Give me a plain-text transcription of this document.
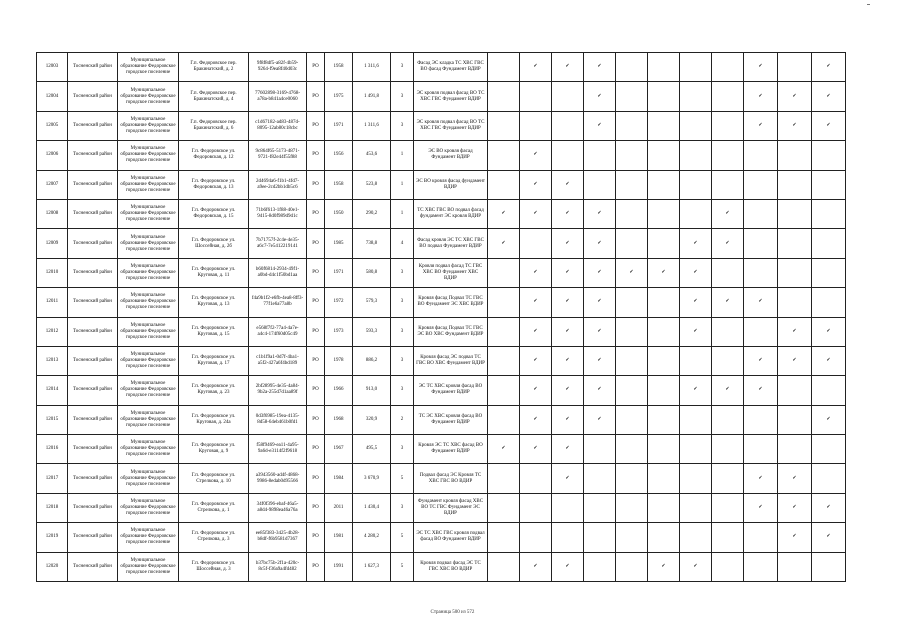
12003	Тосненский район	Муниципальное образование Федоровское городское поселение	Г.п. Федоровское пер. Бракинатский, д. 2	9f8f8df5-a82f-4b59-9264-f9ea8f40d03c	РО	1958	1 311,6	3	Фасад ЭС кладка ТС ХВС ГВС ВО фасад Фундамент ВДИР		✓	✓	✓					✓		✓
12004	Тосненский район	Муниципальное образование Федоровское городское поселение	Г.п. Федоровское пер. Бракинатский, д. 4	77602898-3169-4768-a78a-b841a4ce0060	РО	1975	1 491,8	3	ЭС кровля подвал фасад ВО ТС ХВС ГВС Фундамент ВДИР				✓					✓	✓	✓
12005	Тосненский район	Муниципальное образование Федоровское городское поселение	Г.п. Федоровское пер. Бракинатский, д. 6	c1d67182-ad83-487d-8095-12ab80c18cbc	РО	1971	1 311,6	3	ЭС кровля подвал фасад ВО ТС ХВС ГВС Фундамент ВДИР				✓					✓	✓	✓
12006	Тосненский район	Муниципальное образование Федоровское городское поселение	Г.п. Федоровское ул. Федоровская, д. 12	9c864f65-5173-4871-9721-f82e44f55f88	РО	1956	453,6	1	ЭС ВО кровля фасад Фундамент ВДИР		✓									
12007	Тосненский район	Муниципальное образование Федоровское городское поселение	Г.п. Федоровское ул. Федоровская, д. 13	2d4694a6-f1b1-4fd7-a9ee-2cd2bb1db5c6	РО	1958	523,8	1	ЭС ВО кровля фасад фундамент ВДИР		✓	✓								
12008	Тосненский район	Муниципальное образование Федоровское городское поселение	Г.п. Федоровское ул. Федоровская, д. 15	71b6f613-1f88-40e1-9415-8d0f989d9d1c	РО	1950	290,2	1	ТС ХВС ГВС ВО подвал фасад фундамент ЭС кровля ВДИР	✓	✓	✓	✓				✓			
12009	Тосненский район	Муниципальное образование Федоровское городское поселение	Г.п. Федоровское ул. Шоссейная, д. 2б	7b71757f-2c4e-4e35-a6c7-7e5412219141	РО	1985	738,8	4	Фасад кровля ЭС ТС ХВС ГВС ВО подвал Фундамент ВДИР	✓		✓	✓			✓	✓			
12010	Тосненский район	Муниципальное образование Федоровское городское поселение	Г.п. Федоровское ул. Круговая, д. 11	b60f6814-2934-49f1-a0bd-d4c1f50bd1aa	РО	1971	580,8	3	Кровля подвал фасад ТС ГВС ХВС ВО Фундамент ХВС ВДИР		✓	✓	✓	✓	✓	✓				
12011	Тосненский район	Муниципальное образование Федоровское городское поселение	Г.п. Федоровское ул. Круговая, д. 13	f4a9b1f2-e6fb-4ea8-8ff3-77f1e6a77a8b	РО	1972	579,3	3	Кровля фасад Подвал ТС ГВС ВО Фундамент ЭС ХВС ВДИР		✓	✓	✓			✓	✓	✓		
12012	Тосненский район	Муниципальное образование Федоровское городское поселение	Г.п. Федоровское ул. Круговая, д. 15	e568f7f2-77a4-4a7e-a4c4-174f60d05c49	РО	1973	593,3	3	Кровля фасад Подвал ТС ГВС ЭС ВО ХВС Фундамент ВДИР		✓	✓	✓			✓			✓	✓
12013	Тосненский район	Муниципальное образование Федоровское городское поселение	Г.п. Федоровское ул. Круговая, д. 17	c1b1f9a1-0d7f-4ba1-a5f2-427a6f4bd189	РО	1978	886,2	3	Кровля фасад ЭС подвал ТС ГВС ВО ХВС Фундамент ВДИР		✓	✓	✓					✓	✓	✓
12014	Тосненский район	Муниципальное образование Федоровское городское поселение	Г.п. Федоровское ул. Круговая, д. 23	2bf28995-4e35-4a84-9b2a-255d7d1aa89f	РО	1966	913,0	3	ЭС ТС ХВС кровля фасад ВО Фундамент ВДИР		✓	✓	✓			✓	✓	✓		
12015	Тосненский район	Муниципальное образование Федоровское городское поселение	Г.п. Федоровское ул. Круговая, д. 24а	0d3f6985-19ea-4135-8d58-64eb461b0fd1	РО	1968	320,9	2	ТС ЭС ХВС кровля фасад ВО Фундамент ВДИР		✓	✓	✓							✓
12016	Тосненский район	Муниципальное образование Федоровское городское поселение	Г.п. Федоровское ул. Круговая, д. 9	f58f9469-ea11-4a95-9a6d-e3114f2f9618	РО	1967	495,5	3	Кровля ЭС ТС ХВС фасад ВО Фундамент ВДИР	✓	✓	✓								
12017	Тосненский район	Муниципальное образование Федоровское городское поселение	Г.п. Федоровское ул. Стрелкова, д. 10	a3943560-ad4f-4868-9986-8edab0d95566	РО	1984	3 670,9	5	Подвал фасад ЭС Кровля ТС ХВС ГВС ВО ВДИР			✓						✓	✓	
12018	Тосненский район	Муниципальное образование Федоровское городское поселение	Г.п. Федоровское ул. Стрелкова, д. 1	34f0f396-ebaf-46a5-a8d4-9898ea46a76a	РО	2011	1 430,4	3	Фундамент кровля фасад ХВС ВО ТС ГВС Фундамент ЭС ВДИР									✓	✓	✓
12019	Тосненский район	Муниципальное образование Федоровское городское поселение	Г.п. Федоровское ул. Стрелкова, д. 3	ee85f383-3425-4b28-b8df-f6b9581d7367	РО	1981	4 280,2	5	ЭС ТС ХВС ГВС кровля подвал фасад ВО Фундамент ВДИР										✓	✓
12020	Тосненский район	Муниципальное образование Федоровское городское поселение	Г.п. Федоровское ул. Шоссейная, д. 3	b37bc75b-2f1a-420c-8c5f-f36a9a4fd482	РО	1991	1 627,3	5	Кровля подвал фасад ЭС ТС ГВС ХВС ВО ВДИР		✓	✓			✓	✓				
Страница 500 из 572
